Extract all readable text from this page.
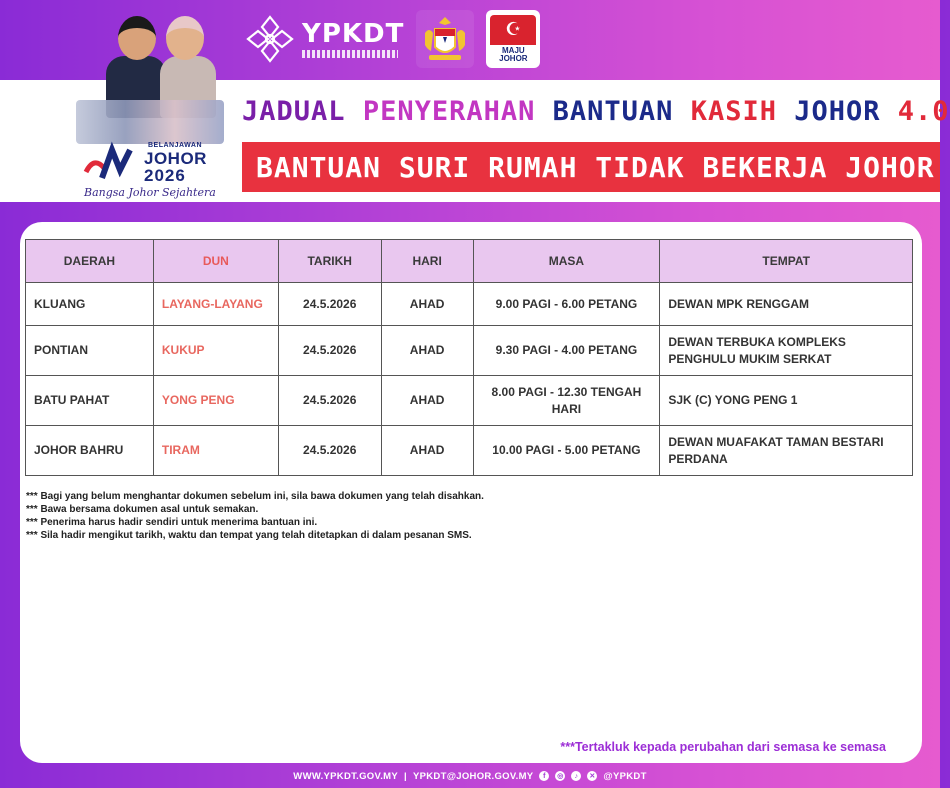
YPKDT	☪
MAJU
JOHOR
JADUAL PENYERAHAN BANTUAN KASIH JOHOR 4.0
BANTUAN SURI RUMAH TIDAK BEKERJA JOHOR
BELANJAWAN
JOHOR
2026
Bangsa Johor Sejahtera
DAERAH	DUN	TARIKH	HARI	MASA	TEMPAT
KLUANG	LAYANG-LAYANG	24.5.2026	AHAD	9.00 PAGI - 6.00 PETANG	DEWAN MPK RENGGAM
PONTIAN	KUKUP	24.5.2026	AHAD	9.30 PAGI - 4.00 PETANG	DEWAN TERBUKA KOMPLEKS PENGHULU MUKIM SERKAT
BATU PAHAT	YONG PENG	24.5.2026	AHAD	8.00 PAGI - 12.30 TENGAH HARI	SJK (C) YONG PENG 1
JOHOR BAHRU	TIRAM	24.5.2026	AHAD	10.00 PAGI - 5.00 PETANG	DEWAN MUAFAKAT TAMAN BESTARI PERDANA
*** Bagi yang belum menghantar dokumen sebelum ini, sila bawa dokumen yang telah disahkan.
*** Bawa bersama dokumen asal untuk semakan.
*** Penerima harus hadir sendiri untuk menerima bantuan ini.
*** Sila hadir mengikut tarikh, waktu dan tempat yang telah ditetapkan di dalam pesanan SMS.
***Tertakluk kepada perubahan dari semasa ke semasa
WWW.YPKDT.GOV.MY | YPKDT@JOHOR.GOV.MY	f	◎	♪	✕ @YPKDT
